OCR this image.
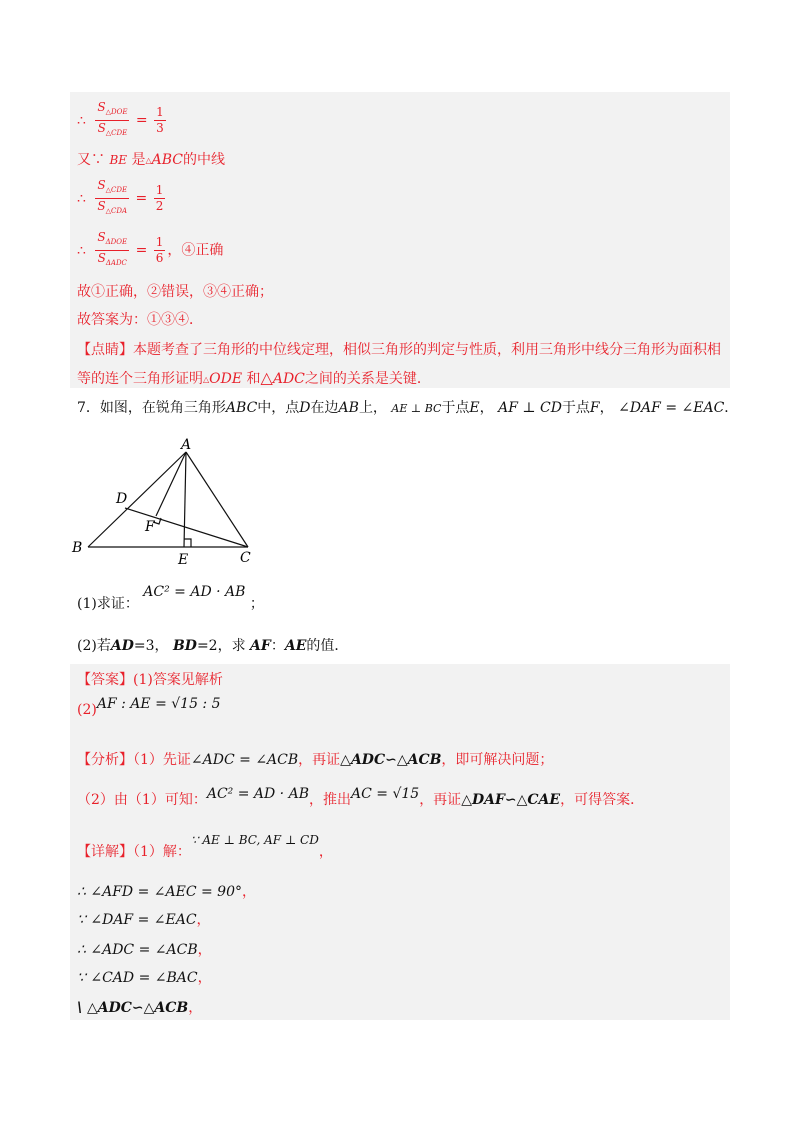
∴ $\frac{S_{\triangle DOE}}{S_{\triangle CDE}} = \frac{1}{3}$
又∵ BE 是△ABC的中线
∴ $\frac{S_{\triangle CDE}}{S_{\triangle CDA}} = \frac{1}{2}$
∴ $\frac{S_{\Delta DOE}}{S_{\Delta ADC}} = \frac{1}{6}$ ，④正确
故①正确，②错误，③④正确；
故答案为：①③④．
【点睛】本题考查了三角形的中位线定理，相似三角形的判定与性质，利用三角形中线分三角形为面积相
等的连个三角形证明△ODE 和△ADC之间的关系是关键．
7．如图，在锐角三角形ABC中，点D在边AB上， AE ⊥ BC于点E， AF ⊥ CD于点F， ∠DAF = ∠EAC．
A
B
C
D
E
F
(1)求证： AC² = AD · AB ；
(2)若AD=3， BD=2，求 AF：AE的值．
【答案】(1)答案见解析
(2)AF : AE = √15 : 5
【分析】（1）先证∠ADC = ∠ACB，再证△ADC∽△ACB，即可解决问题；
（2）由（1）可知：AC² = AD · AB，推出AC = √15，再证△DAF∽△CAE，可得答案．
【详解】（1）解：∵ AE ⊥ BC, AF ⊥ CD，
∴ ∠AFD = ∠AEC = 90°，
∵ ∠DAF = ∠EAC，
∴ ∠ADC = ∠ACB，
∵ ∠CAD = ∠BAC，
\ △ADC∽△ACB，
